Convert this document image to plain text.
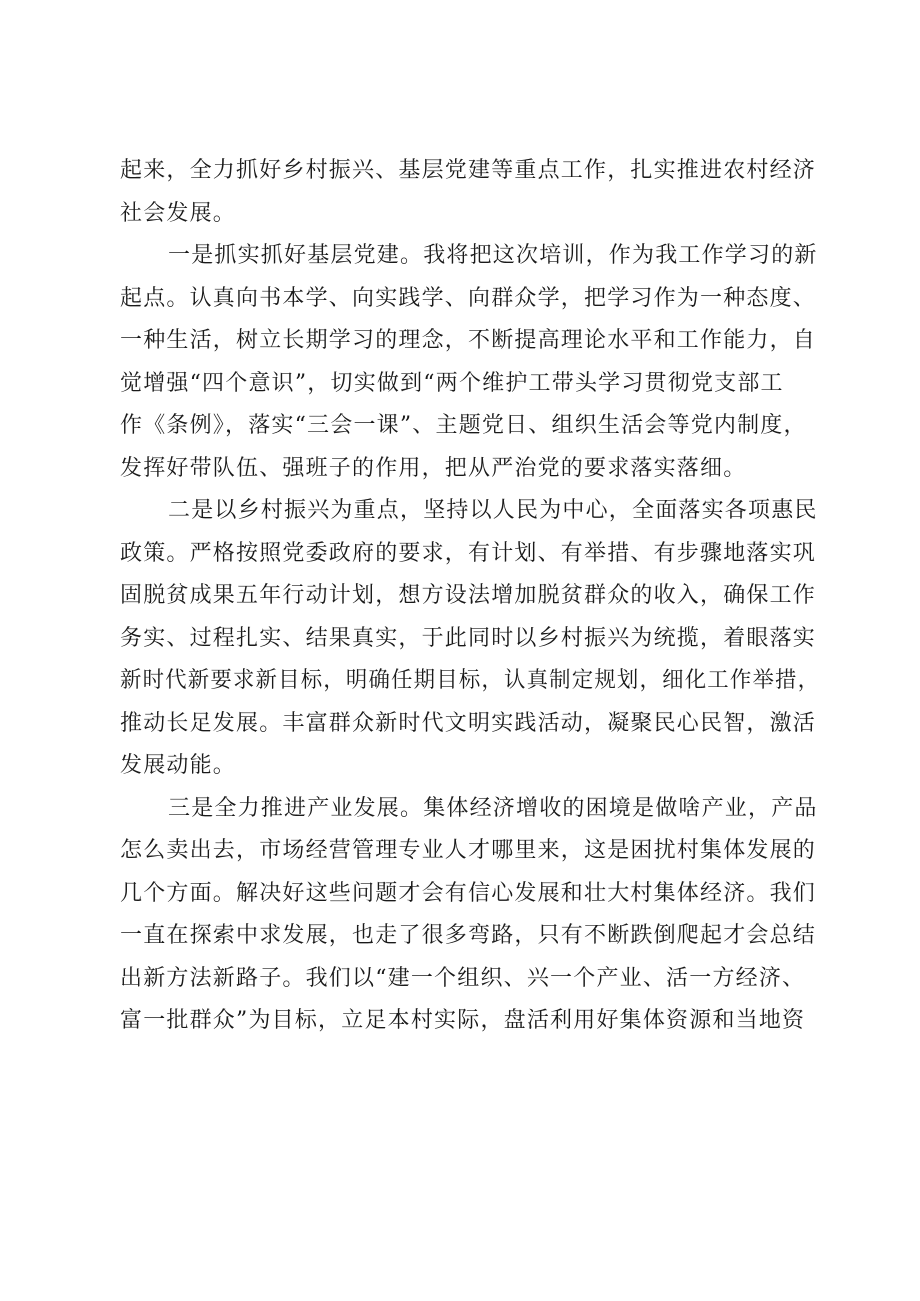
起来，全力抓好乡村振兴、基层党建等重点工作，扎实推进农村经济
社会发展。
一是抓实抓好基层党建。我将把这次培训，作为我工作学习的新
起点。认真向书本学、向实践学、向群众学，把学习作为一种态度、
一种生活，树立长期学习的理念，不断提高理论水平和工作能力，自
觉增强“四个意识”，切实做到“两个维护工带头学习贯彻党支部工
作《条例》，落实“三会一课”、主题党日、组织生活会等党内制度，
发挥好带队伍、强班子的作用，把从严治党的要求落实落细。
二是以乡村振兴为重点，坚持以人民为中心，全面落实各项惠民
政策。严格按照党委政府的要求，有计划、有举措、有步骤地落实巩
固脱贫成果五年行动计划，想方设法增加脱贫群众的收入，确保工作
务实、过程扎实、结果真实，于此同时以乡村振兴为统揽，着眼落实
新时代新要求新目标，明确任期目标，认真制定规划，细化工作举措，
推动长足发展。丰富群众新时代文明实践活动，凝聚民心民智，激活
发展动能。
三是全力推进产业发展。集体经济增收的困境是做啥产业，产品
怎么卖出去，市场经营管理专业人才哪里来，这是困扰村集体发展的
几个方面。解决好这些问题才会有信心发展和壮大村集体经济。我们
一直在探索中求发展，也走了很多弯路，只有不断跌倒爬起才会总结
出新方法新路子。我们以“建一个组织、兴一个产业、活一方经济、
富一批群众”为目标，立足本村实际，盘活利用好集体资源和当地资
